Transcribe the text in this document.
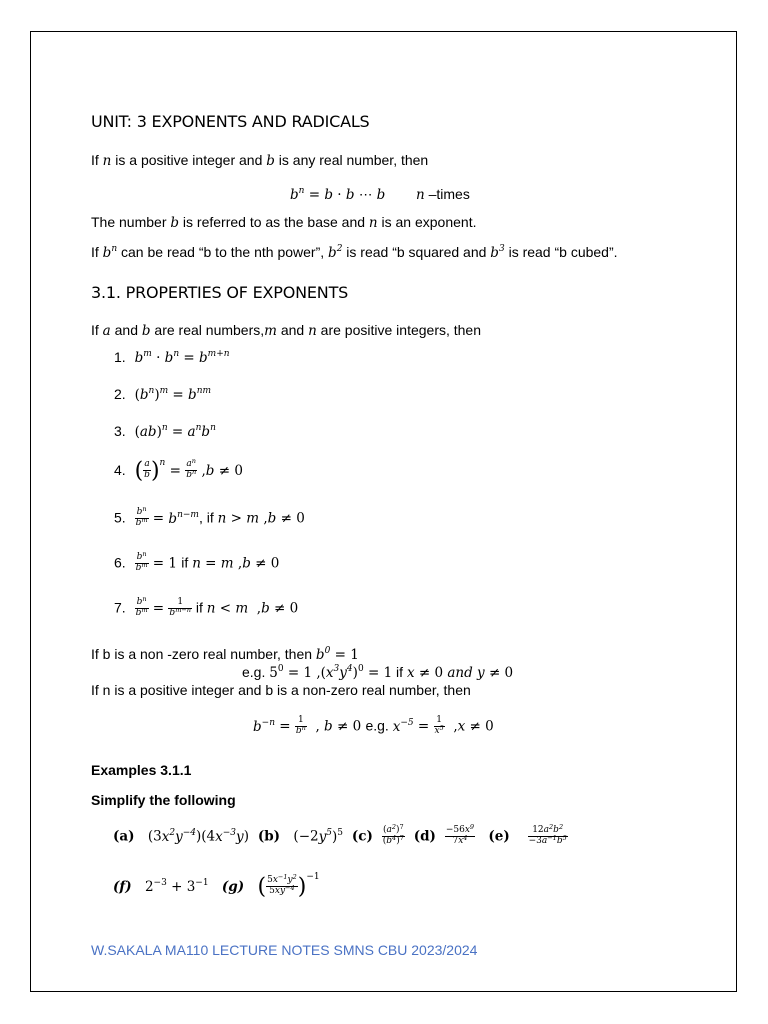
UNIT: 3 EXPONENTS AND RADICALS
If n is a positive integer and b is any real number, then
$b^n = b \cdot b$ ⋯ b n –times
The number b is referred to as the base and n is an exponent.
If $b^n$ can be read “b to the nth power”, $b^2$ is read “b squared and $b^3$ is read “b cubed”.
3.1. PROPERTIES OF EXPONENTS
If a and b are real numbers,m and n are positive integers, then
1. $b^m \cdot b^n = b^{m+n}$
2. $(b^n)^m = b^{nm}$
3. $(ab)^n = a^nb^n$
4. ( $\frac{a}{b} )^n = \frac{a^n}{b^n} ,b \ne 0$
5. $\frac{b^n}{b^m} = b^{n-m}$, if n > m ,b ≠ 0
6. $\frac{b^n}{b^m} = 1$ if n = m ,b ≠ 0
7. $\frac{b^n}{b^m} = \frac{1}{b^{m-n}}$ if n < m  ,b ≠ 0
If b is a non -zero real number, then $b^0 = 1$
e.g. $5^0 = 1$ $,(x^3y^4)^0 = 1$ if x ≠ 0 and y ≠ 0
If n is a positive integer and b is a non-zero real number, then
$b^{-n} = \frac{1}{b^n}$ , b ≠ 0 e.g. $x^{-5} = \frac{1}{x^5} ,x \ne 0$
Examples 3.1.1
Simplify the following
(a) $(3x^2y^{-4})(4x^{-3}y)$ (b) $(-2y^5)^5$ $(c) \frac{(a^2)^7}{(b^4)^7} (d) \frac{-56x^9}{7x^4} (e) \frac{12a^2b^2}{-3a^{-1}b^5}$
(f) $2^{-3} + 3^{-1}$ (g) ( $\frac{5x^{-1}y^2}{5xy^{-4}} )^{-1}$
W.SAKALA MA110 LECTURE NOTES SMNS CBU 2023/2024
